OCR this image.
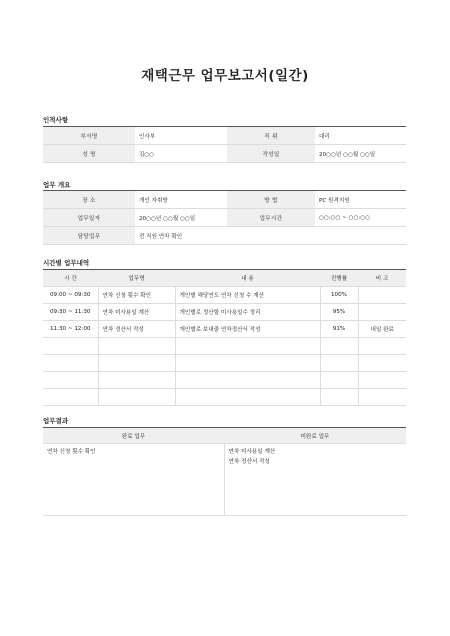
재택근무 업무보고서(일간)
인적사항
부서명	인사부	직 위	대리
성 명	김○○	작성일	20○○년 ○○월 ○○일
업무 개요
장 소	개인 자취방	방 법	PC 원격지원
업무일자	20○○년 ○○월 ○○일	업무시간	○○:○○ ~ ○○:○○
담당업무	전 직원 연차 확인		
시간별 업무내역
시 간	업무명	내 용	진행률	비 고
09:00 ~ 09:30	연차 신청 횟수 확인	개인별 해당연도 연차 신청 수 계산	100%	
09:30 ~ 11:30	연차 미사용일 계산	개인별로 정산할 미사용일수 정리	95%	
11:30 ~ 12:00	연차 정산서 작성	개인별로 보내줄 연차정산서 작성	91%	내일 완료

업무결과
완료 업무	미완료 업무

연차 신청 횟수 확인	연차 미사용일 계산
연차 정산서 작성
